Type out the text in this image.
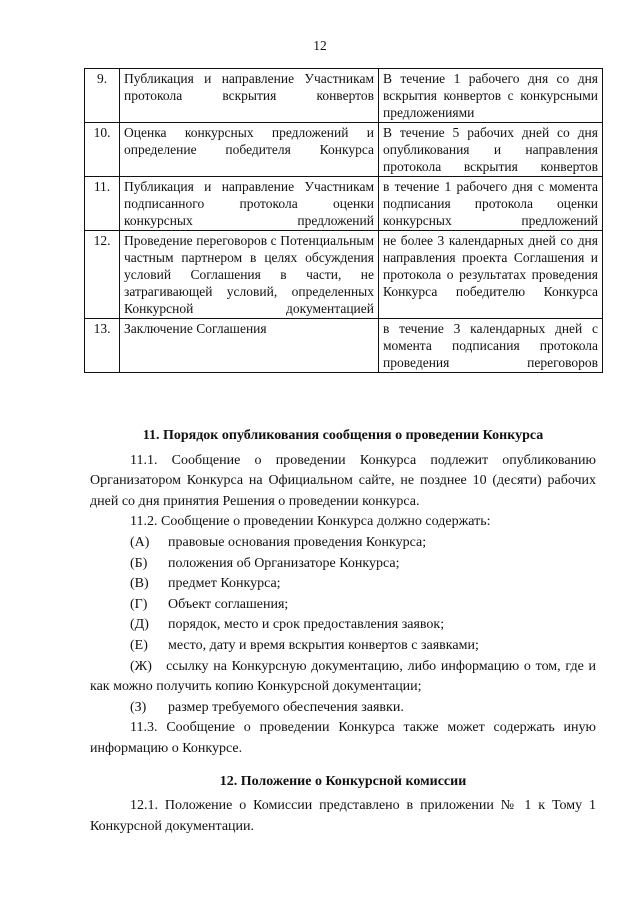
12
9.	Публикация и направление Участникам протокола вскрытия конвертов	В течение 1 рабочего дня со дня вскрытия конвертов с конкурсными предложениями
10.	Оценка конкурсных предложений и определение победителя Конкурса	В течение 5 рабочих дней со дня опубликования и направления протокола вскрытия конвертов
11.	Публикация и направление Участникам подписанного протокола оценки конкурсных предложений	в течение 1 рабочего дня с момента подписания протокола оценки конкурсных предложений
12.	Проведение переговоров с Потенциальным частным партнером в целях обсуждения условий Соглашения в части, не затрагивающей условий, определенных Конкурсной документацией	не более 3 календарных дней со дня направления проекта Соглашения и протокола о результатах проведения Конкурса победителю Конкурса
13.	Заключение Соглашения	в течение 3 календарных дней с момента подписания протокола проведения переговоров
11. Порядок опубликования сообщения о проведении Конкурса

11.1. Сообщение о проведении Конкурса подлежит опубликованию Организатором Конкурса на Официальном сайте, не позднее 10 (десяти) рабочих дней со дня принятия Решения о проведении конкурса.

11.2. Сообщение о проведении Конкурса должно содержать:

(А)	правовые основания проведения Конкурса;
(Б)	положения об Организаторе Конкурса;
(В)	предмет Конкурса;
(Г)	Объект соглашения;
(Д)	порядок, место и срок предоставления заявок;
(Е)	место, дату и время вскрытия конвертов с заявками;

(Ж) ссылку на Конкурсную документацию, либо информацию о том, где и как можно получить копию Конкурсной документации;

(З)	размер требуемого обеспечения заявки.

11.3. Сообщение о проведении Конкурса также может содержать иную информацию о Конкурсе.

12. Положение о Конкурсной комиссии

12.1. Положение о Комиссии представлено в приложении № 1 к Тому 1 Конкурсной документации.
